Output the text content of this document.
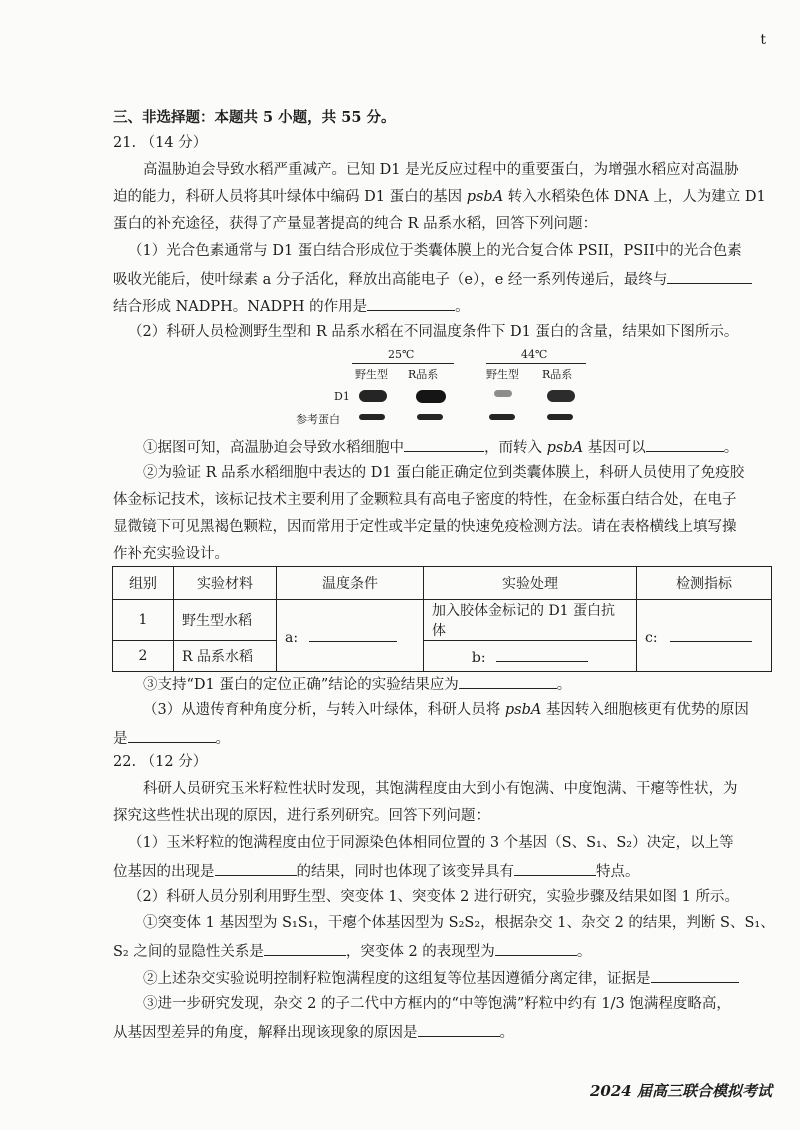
t
三、非选择题：本题共 5 小题，共 55 分。
21. （14 分）
高温胁迫会导致水稻严重减产。已知 D1 是光反应过程中的重要蛋白，为增强水稻应对高温胁
迫的能力，科研人员将其叶绿体中编码 D1 蛋白的基因 psbA 转入水稻染色体 DNA 上，人为建立 D1
蛋白的补充途径，获得了产量显著提高的纯合 R 品系水稻，回答下列问题：
（1）光合色素通常与 D1 蛋白结合形成位于类囊体膜上的光合复合体 PSII，PSII中的光合色素
吸收光能后，使叶绿素 a 分子活化，释放出高能电子（e），e 经一系列传递后，最终与
结合形成 NADPH。NADPH 的作用是	。
（2）科研人员检测野生型和 R 品系水稻在不同温度条件下 D1 蛋白的含量，结果如下图所示。
①据图可知，高温胁迫会导致水稻细胞中	，而转入 psbA 基因可以	。
②为验证 R 品系水稻细胞中表达的 D1 蛋白能正确定位到类囊体膜上，科研人员使用了免疫胶
体金标记技术，该标记技术主要利用了金颗粒具有高电子密度的特性，在金标蛋白结合处，在电子
显微镜下可见黑褐色颗粒，因而常用于定性或半定量的快速免疫检测方法。请在表格横线上填写操
作补充实验设计。
③支持“D1 蛋白的定位正确”结论的实验结果应为	。
（3）从遗传育种角度分析，与转入叶绿体，科研人员将 psbA 基因转入细胞核更有优势的原因
是	。
22. （12 分）
科研人员研究玉米籽粒性状时发现，其饱满程度由大到小有饱满、中度饱满、干瘪等性状，为
探究这些性状出现的原因，进行系列研究。回答下列问题：
（1）玉米籽粒的饱满程度由位于同源染色体相同位置的 3 个基因（S、S₁、S₂）决定，以上等
位基因的出现是	的结果，同时也体现了该变异具有	特点。
（2）科研人员分别利用野生型、突变体 1、突变体 2 进行研究，实验步骤及结果如图 1 所示。
①突变体 1 基因型为 S₁S₁，干瘪个体基因型为 S₂S₂，根据杂交 1、杂交 2 的结果，判断 S、S₁、
S₂ 之间的显隐性关系是	，突变体 2 的表现型为	。
②上述杂交实验说明控制籽粒饱满程度的这组复等位基因遵循分离定律，证据是
③进一步研究发现，杂交 2 的子二代中方框内的“中等饱满”籽粒中约有 1/3 饱满程度略高，
从基因型差异的角度，解释出现该现象的原因是	。
25℃	44℃
野生型 R品系	野生型 R品系
D1
参考蛋白
组别	实验材料	温度条件	实验处理	检测指标
1	野生型水稻	a:	加入胶体金标记的 D1 蛋白抗体	c:
2	R 品系水稻		b:	
2024 届高三联合模拟考试
